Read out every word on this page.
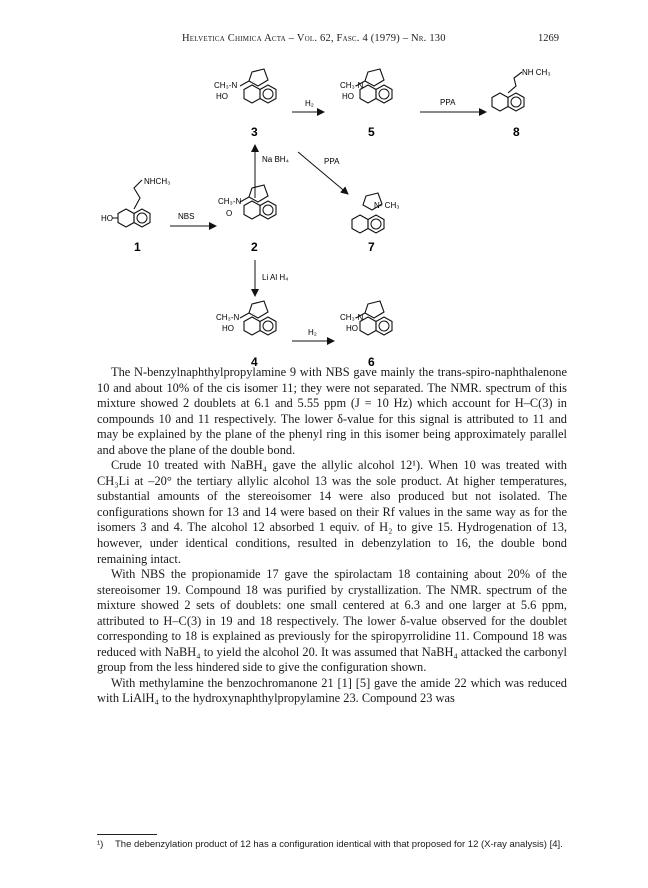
Helvetica Chimica Acta – Vol. 62, Fasc. 4 (1979) – Nr. 130	1269
CH₃-N
HO
3
H₂
CH₃-N
HO
5
PPA
NH CH₃
8
Na BH₄	PPA
NHCH₃
HO
1
NBS
CH₃-N
O
2
N- CH₃
7
Li Al H₄
CH₃-N
HO
4
H₂
CH₃-N
HO
6

The N-benzylnaphthylpropylamine 9 with NBS gave mainly the trans-spiro-naphthalenone 10 and about 10% of the cis isomer 11; they were not separated. The NMR. spectrum of this mixture showed 2 doublets at 6.1 and 5.55 ppm (J = 10 Hz) which account for H–C(3) in compounds 10 and 11 respectively. The lower δ-value for this signal is attributed to 11 and may be explained by the plane of the phenyl ring in this isomer being approximately parallel and above the plane of the double bond.

Crude 10 treated with NaBH₄ gave the allylic alcohol 12¹). When 10 was treated with CH₃Li at –20° the tertiary allylic alcohol 13 was the sole product. At higher temperatures, substantial amounts of the stereoisomer 14 were also produced but not isolated. The configurations shown for 13 and 14 were based on their Rf values in the same way as for the isomers 3 and 4. The alcohol 12 absorbed 1 equiv. of H₂ to give 15. Hydrogenation of 13, however, under identical conditions, resulted in debenzylation to 16, the double bond remaining intact.

With NBS the propionamide 17 gave the spirolactam 18 containing about 20% of the stereoisomer 19. Compound 18 was purified by crystallization. The NMR. spectrum of the mixture showed 2 sets of doublets: one small centered at 6.3 and one larger at 5.6 ppm, attributed to H–C(3) in 19 and 18 respectively. The lower δ-value observed for the doublet corresponding to 18 is explained as previously for the spiropyrrolidine 11. Compound 18 was reduced with NaBH₄ to yield the alcohol 20. It was assumed that NaBH₄ attacked the carbonyl group from the less hindered side to give the configuration shown.

With methylamine the benzochromanone 21 [1] [5] gave the amide 22 which was reduced with LiAlH₄ to the hydroxynaphthylpropylamine 23. Compound 23 was

¹) The debenzylation product of 12 has a configuration identical with that proposed for 12 (X-ray analysis) [4].
